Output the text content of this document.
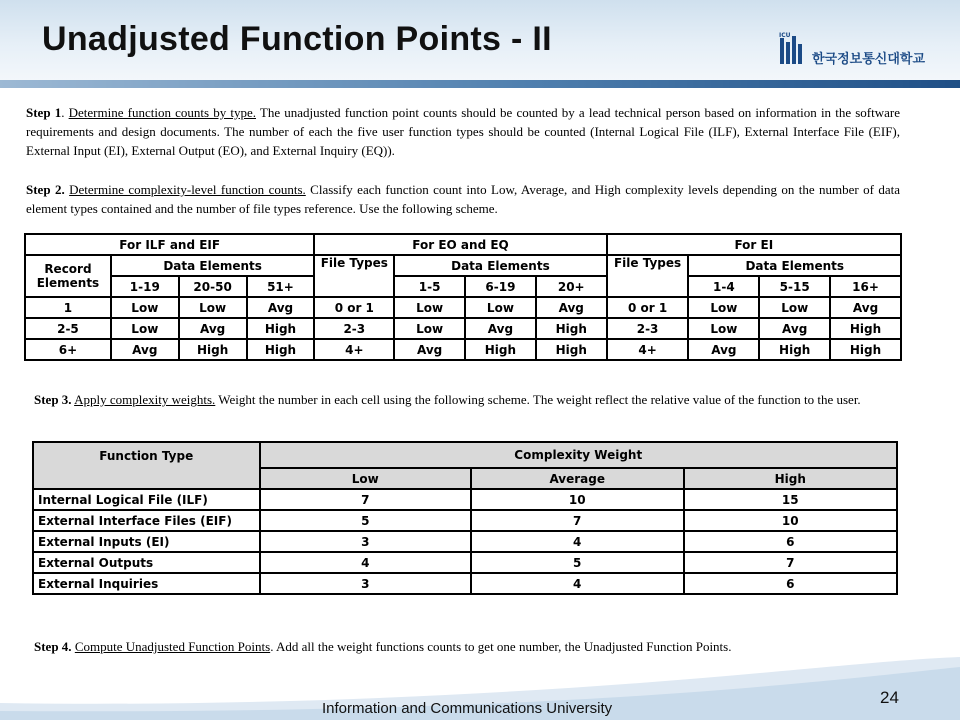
Unadjusted Function Points - II	ICU
한국정보통신대학교

Step 1. Determine function counts by type. The unadjusted function point counts should be counted by a lead technical person based on information in the software requirements and design documents. The number of each the five user function types should be counted (Internal Logical File (ILF), External Interface File (EIF), External Input (EI), External Output (EO), and External Inquiry (EQ)).

Step 2. Determine complexity-level function counts. Classify each function count into Low, Average, and High complexity levels depending on the number of data element types contained and the number of file types reference. Use the following scheme.

For ILF and EIF				For EO and EQ				For EI			
Record Elements	Data Elements			File Types	Data Elements			File Types	Data Elements		
	1-19	20-50	51+		1-5	6-19	20+		1-4	5-15	16+
1	Low	Low	Avg	0 or 1	Low	Low	Avg	0 or 1	Low	Low	Avg
2-5	Low	Avg	High	2-3	Low	Avg	High	2-3	Low	Avg	High
6+	Avg	High	High	4+	Avg	High	High	4+	Avg	High	High

Step 3. Apply complexity weights. Weight the number in each cell using the following scheme. The weight reflect the relative value of the function to the user.

Function Type	Complexity Weight		
	Low	Average	High
Internal Logical File (ILF)	7	10	15
External Interface Files (EIF)	5	7	10
External Inputs (EI)	3	4	6
External Outputs	4	5	7
External Inquiries	3	4	6

Step 4. Compute Unadjusted Function Points. Add all the weight functions counts to get one number, the Unadjusted Function Points.

Information and Communications University
24
